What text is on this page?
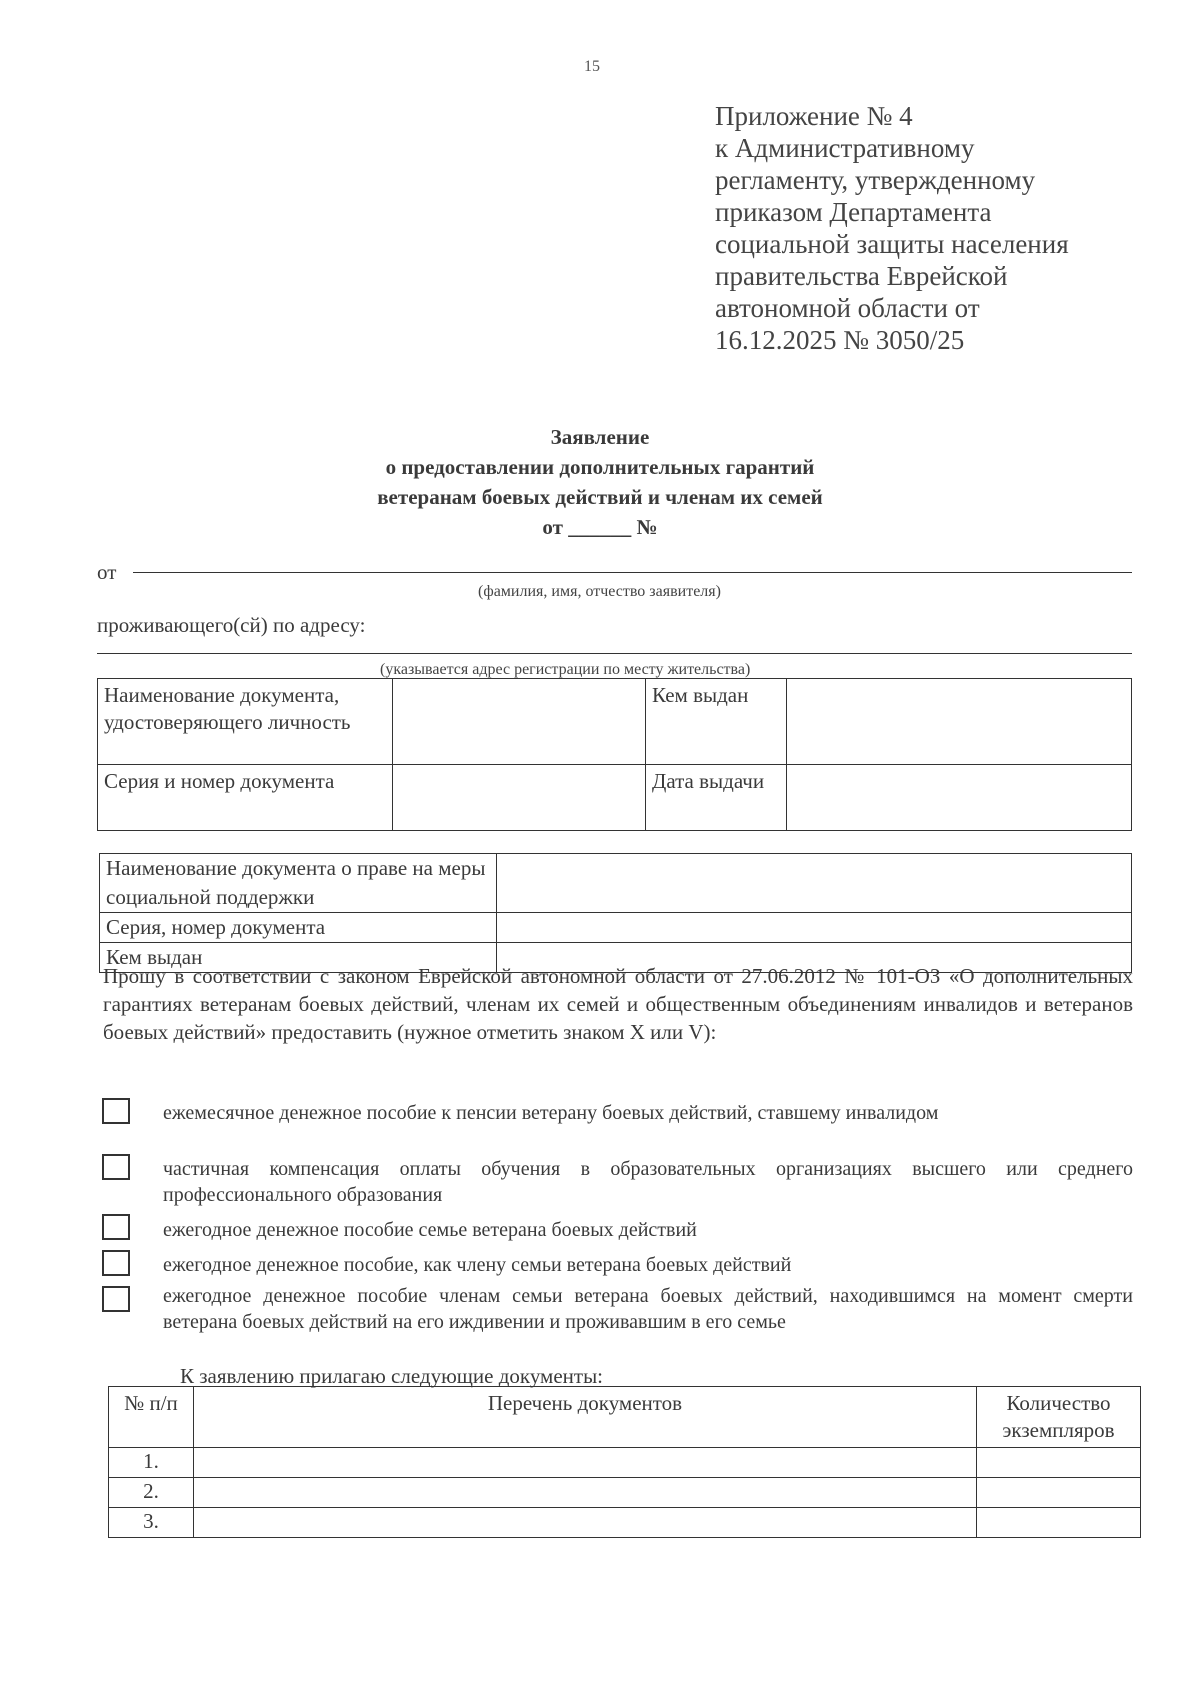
15
Приложение № 4
к Административному
регламенту, утвержденному
приказом Департамента
социальной защиты населения
правительства Еврейской
автономной области от
16.12.2025 № 3050/25
Заявление
о предоставлении дополнительных гарантий
ветеранам боевых действий и членам их семей
от ______ №
от
(фамилия, имя, отчество заявителя)
проживающего(сй) по адресу:
(указывается адрес регистрации по месту жительства)
Наименование документа, удостоверяющего личность		Кем выдан	
Серия и номер документа		Дата выдачи	
Наименование документа о праве на меры социальной поддержки	
Серия, номер документа	
Кем выдан	
Прошу в соответствии с законом Еврейской автономной области от 27.06.2012 № 101-ОЗ «О дополнительных гарантиях ветеранам боевых действий, членам их семей и общественным объединениям инвалидов и ветеранов боевых действий» предоставить (нужное отметить знаком X или V):
ежемесячное денежное пособие к пенсии ветерану боевых действий, ставшему инвалидом
частичная компенсация оплаты обучения в образовательных организациях высшего или среднего профессионального образования
ежегодное денежное пособие семье ветерана боевых действий
ежегодное денежное пособие, как члену семьи ветерана боевых действий
ежегодное денежное пособие членам семьи ветерана боевых действий, находившимся на момент смерти ветерана боевых действий на его иждивении и проживавшим в его семье
К заявлению прилагаю следующие документы:
№ п/п	Перечень документов	Количество экземпляров
1.		
2.		
3.		
